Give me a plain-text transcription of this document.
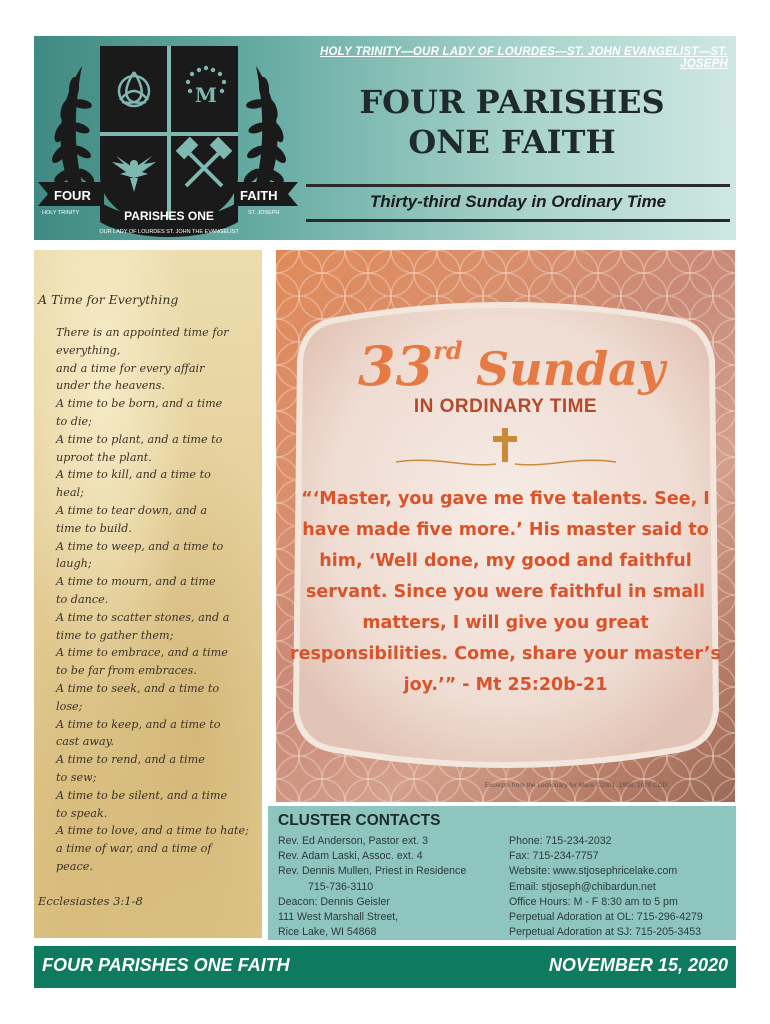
M
FOUR	FAITH
HOLY TRINITY	ST. JOSEPH
PARISHES ONE
OUR LADY OF LOURDES ST. JOHN THE EVANGELIST
HOLY TRINITY—OUR LADY OF LOURDES—ST. JOHN EVANGELIST—ST. JOSEPH
FOUR PARISHES
ONE FAITH
Thirty-third Sunday in Ordinary Time
A Time for Everything
There is an appointed time for
everything,
and a time for every affair
under the heavens.
A time to be born, and a time
to die;
A time to plant, and a time to
uproot the plant.
A time to kill, and a time to
heal;
A time to tear down, and a
time to build.
A time to weep, and a time to
laugh;
A time to mourn, and a time
to dance.
A time to scatter stones, and a
time to gather them;
A time to embrace, and a time
to be far from embraces.
A time to seek, and a time to
lose;
A time to keep, and a time to
cast away.
A time to rend, and a time
to sew;
A time to be silent, and a time
to speak.
A time to love, and a time to hate;
a time of war, and a time of
peace.
Ecclesiastes 3:1-8
33rd Sunday
IN ORDINARY TIME
“‘Master, you gave me five talents. See, I have made five more.’ His master said to him, ‘Well done, my good and faithful servant. Since you were faithful in small matters, I will give you great responsibilities. Come, share your master’s joy.’” - Mt 25:20b-21
Excerpts from the Lectionary for Mass ©2001, 1998, 1970 CCD
CLUSTER CONTACTS
Rev. Ed Anderson, Pastor ext. 3
Rev. Adam Laski, Assoc. ext. 4
Rev. Dennis Mullen, Priest in Residence
715-736-3110
Deacon: Dennis Geisler
111 West Marshall Street,
Rice Lake, WI 54868
Phone: 715-234-2032
Fax: 715-234-7757
Website: www.stjosephricelake.com
Email: stjoseph@chibardun.net
Office Hours: M - F 8:30 am to 5 pm
Perpetual Adoration at OL: 715-296-4279
Perpetual Adoration at SJ: 715-205-3453
FOUR PARISHES ONE FAITH	NOVEMBER 15, 2020
